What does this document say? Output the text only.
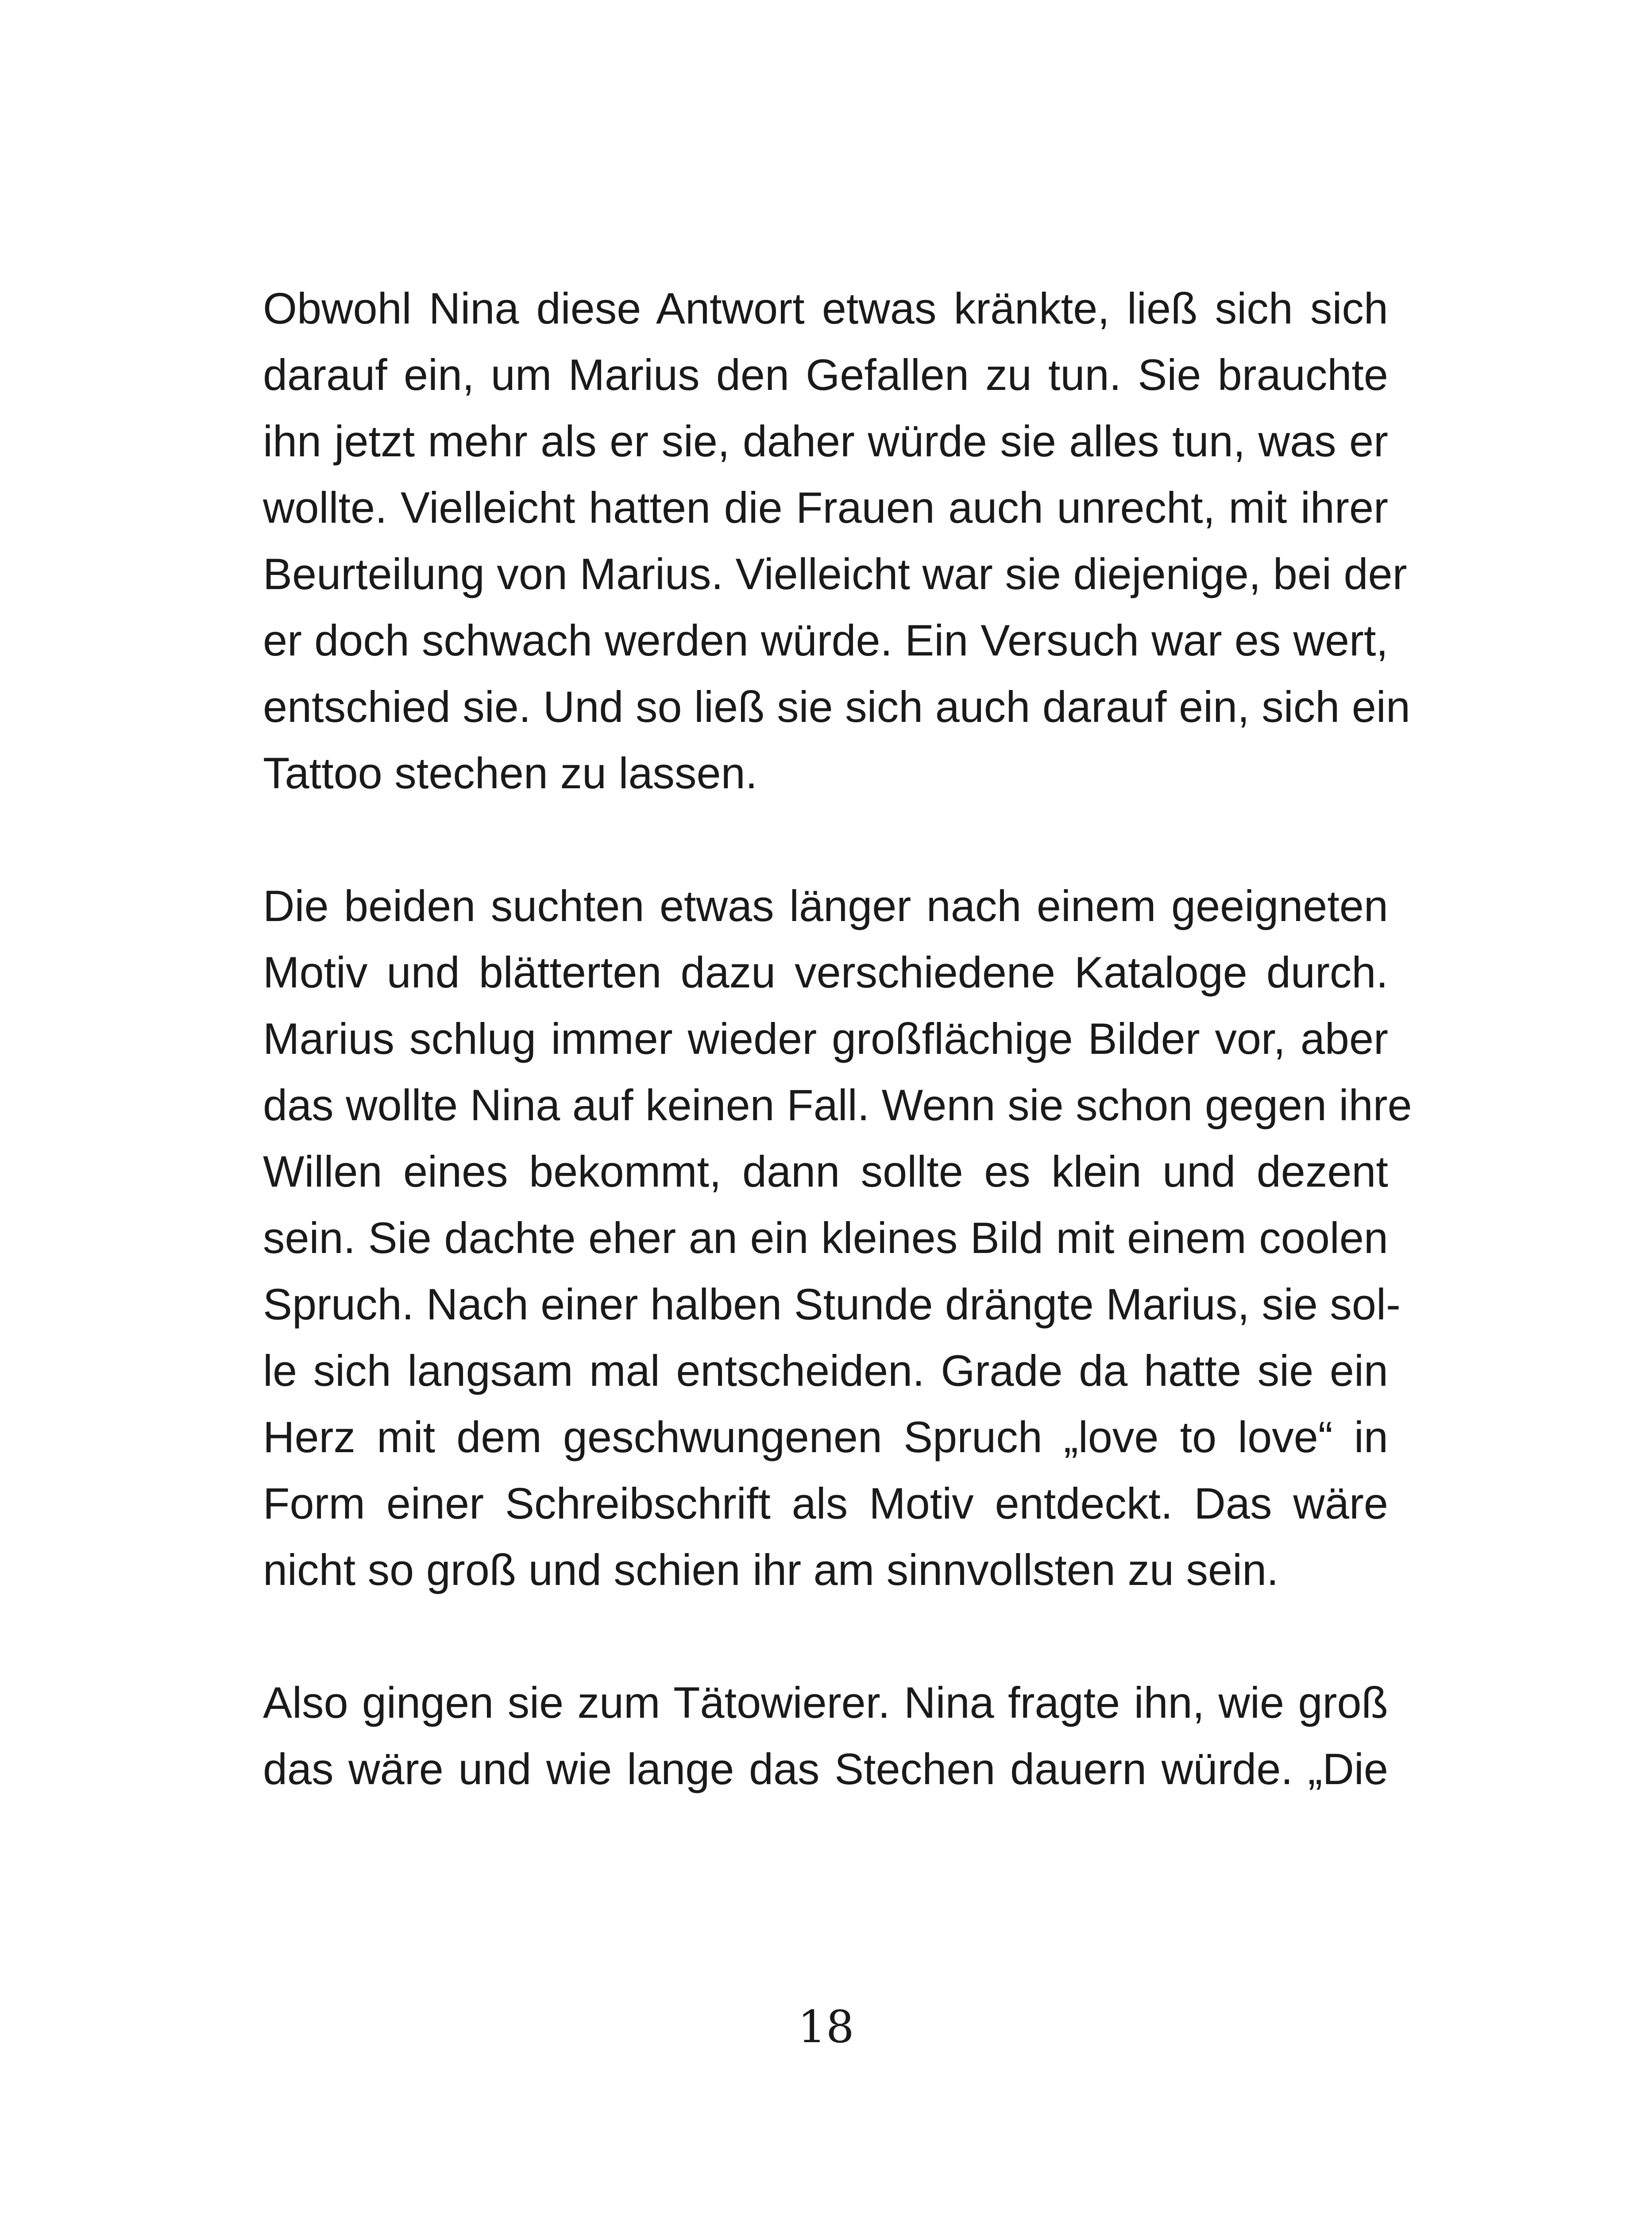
Obwohl Nina diese Antwort etwas kränkte, ließ sich sich
darauf ein, um Marius den Gefallen zu tun. Sie brauchte
ihn jetzt mehr als er sie, daher würde sie alles tun, was er
wollte. Vielleicht hatten die Frauen auch unrecht, mit ihrer
Beurteilung von Marius. Vielleicht war sie diejenige, bei der
er doch schwach werden würde. Ein Versuch war es wert,
entschied sie. Und so ließ sie sich auch darauf ein, sich ein
Tattoo stechen zu lassen.
Die beiden suchten etwas länger nach einem geeigneten
Motiv und blätterten dazu verschiedene Kataloge durch.
Marius schlug immer wieder großflächige Bilder vor, aber
das wollte Nina auf keinen Fall. Wenn sie schon gegen ihre
Willen eines bekommt, dann sollte es klein und dezent
sein. Sie dachte eher an ein kleines Bild mit einem coolen
Spruch. Nach einer halben Stunde drängte Marius, sie sol-
le sich langsam mal entscheiden. Grade da hatte sie ein
Herz mit dem geschwungenen Spruch „love to love“ in
Form einer Schreibschrift als Motiv entdeckt. Das wäre
nicht so groß und schien ihr am sinnvollsten zu sein.
Also gingen sie zum Tätowierer. Nina fragte ihn, wie groß
das wäre und wie lange das Stechen dauern würde. „Die
18
